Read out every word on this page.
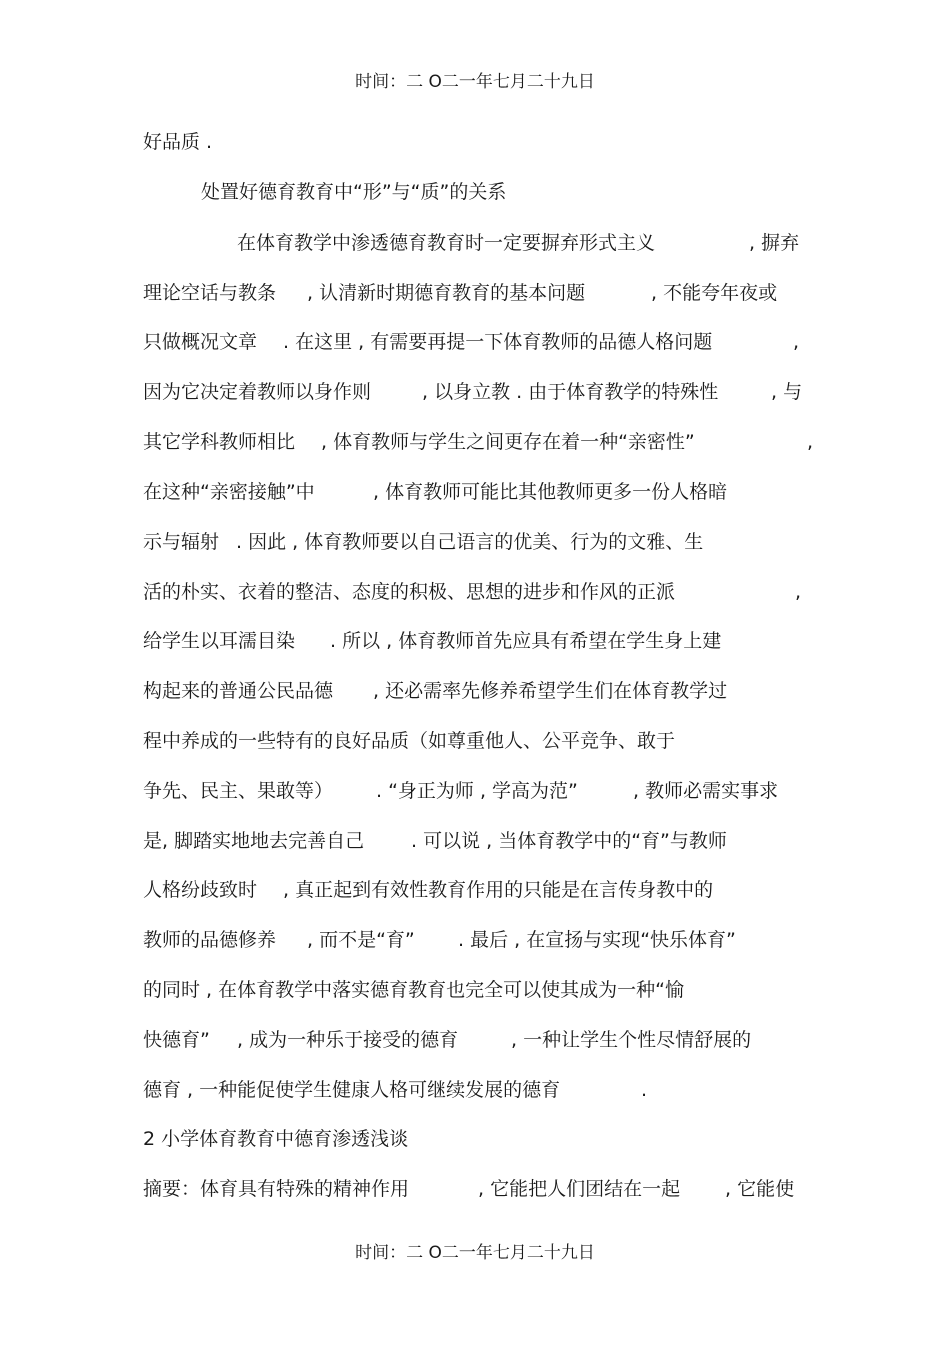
时间：二 O二一年七月二十九日
好品质 .
处置好德育教育中“形”与“质”的关系
在体育教学中渗透德育教育时一定要摒弃形式主义	, 摒弃
理论空话与教条 , 认清新时期德育教育的基本问题	, 不能夸年夜或
只做概况文章 . 在这里 , 有需要再提一下体育教师的品德人格问题	,
因为它决定着教师以身作则	, 以身立教 . 由于体育教学的特殊性	, 与
其它学科教师相比 , 体育教师与学生之间更存在着一种“亲密性”	,
在这种“亲密接触”中	, 体育教师可能比其他教师更多一份人格暗
示与辐射 . 因此 , 体育教师要以自己语言的优美、行为的文雅、生
活的朴实、衣着的整洁、态度的积极、思想的进步和作风的正派	,
给学生以耳濡目染 . 所以 , 体育教师首先应具有希望在学生身上建
构起来的普通公民品德 , 还必需率先修养希望学生们在体育教学过
程中养成的一些特有的良好品质（如尊重他人、公平竞争、敢于
争先、民主、果敢等） . “身正为师 , 学高为范”	, 教师必需实事求
是, 脚踏实地地去完善自己 . 可以说 , 当体育教学中的“育”与教师
人格纷歧致时 , 真正起到有效性教育作用的只能是在言传身教中的
教师的品德修养 , 而不是“育” . 最后 , 在宣扬与实现“快乐体育”
的同时 , 在体育教学中落实德育教育也完全可以使其成为一种“愉
快德育” , 成为一种乐于接受的德育	, 一种让学生个性尽情舒展的
德育 , 一种能促使学生健康人格可继续发展的德育	.
2 小学体育教育中德育渗透浅谈
摘要：体育具有特殊的精神作用	, 它能把人们团结在一起 , 它能使
时间：二 O二一年七月二十九日
